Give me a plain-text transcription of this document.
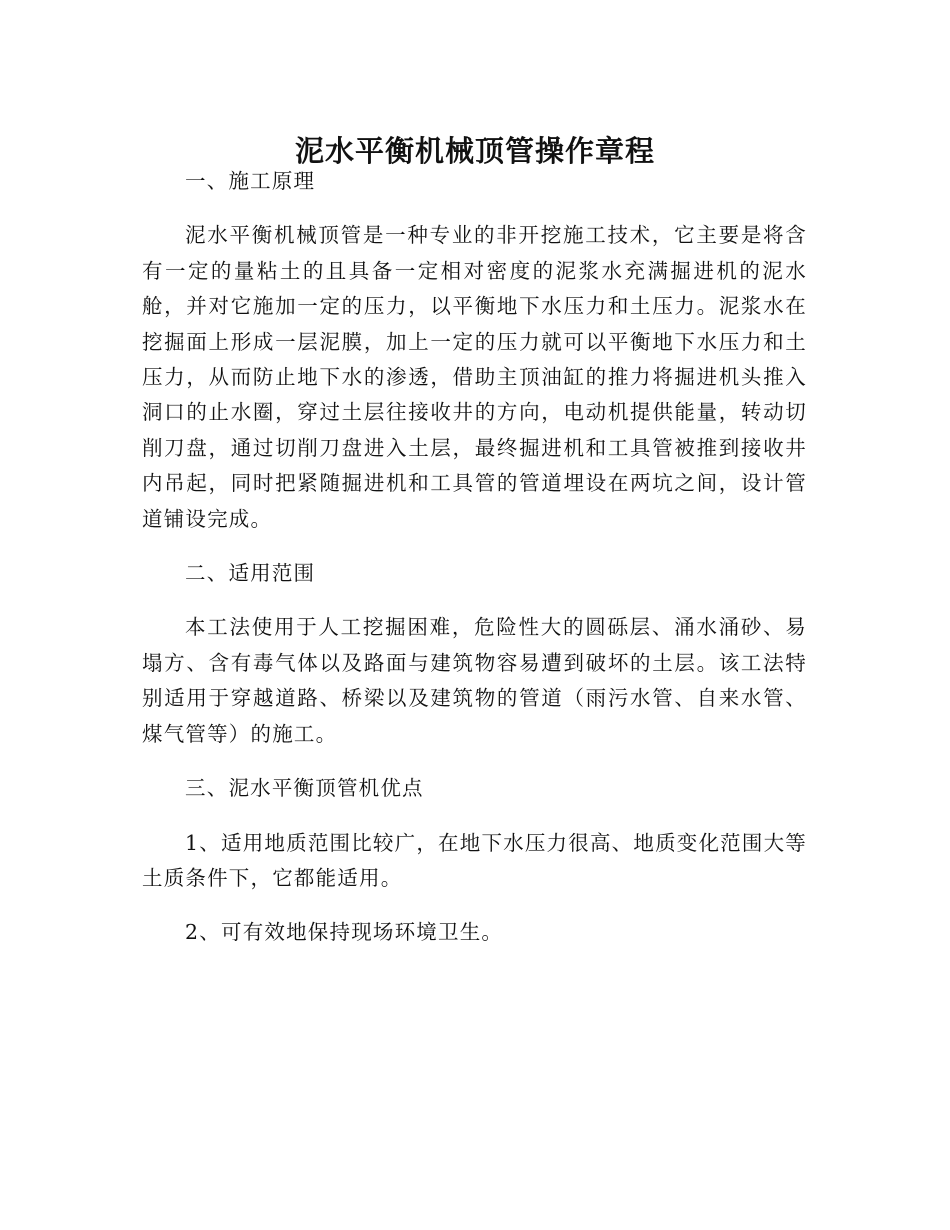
泥水平衡机械顶管操作章程

一、施工原理

泥水平衡机械顶管是一种专业的非开挖施工技术，它主要是将含有一定的量粘土的且具备一定相对密度的泥浆水充满掘进机的泥水舱，并对它施加一定的压力，以平衡地下水压力和土压力。泥浆水在挖掘面上形成一层泥膜，加上一定的压力就可以平衡地下水压力和土压力，从而防止地下水的渗透，借助主顶油缸的推力将掘进机头推入洞口的止水圈，穿过土层往接收井的方向，电动机提供能量，转动切削刀盘，通过切削刀盘进入土层，最终掘进机和工具管被推到接收井内吊起，同时把紧随掘进机和工具管的管道埋设在两坑之间，设计管道铺设完成。

二、适用范围

本工法使用于人工挖掘困难，危险性大的圆砾层、涌水涌砂、易塌方、含有毒气体以及路面与建筑物容易遭到破坏的土层。该工法特别适用于穿越道路、桥梁以及建筑物的管道（雨污水管、自来水管、煤气管等）的施工。

三、泥水平衡顶管机优点

1、适用地质范围比较广，在地下水压力很高、地质变化范围大等土质条件下，它都能适用。

2、可有效地保持现场环境卫生。
